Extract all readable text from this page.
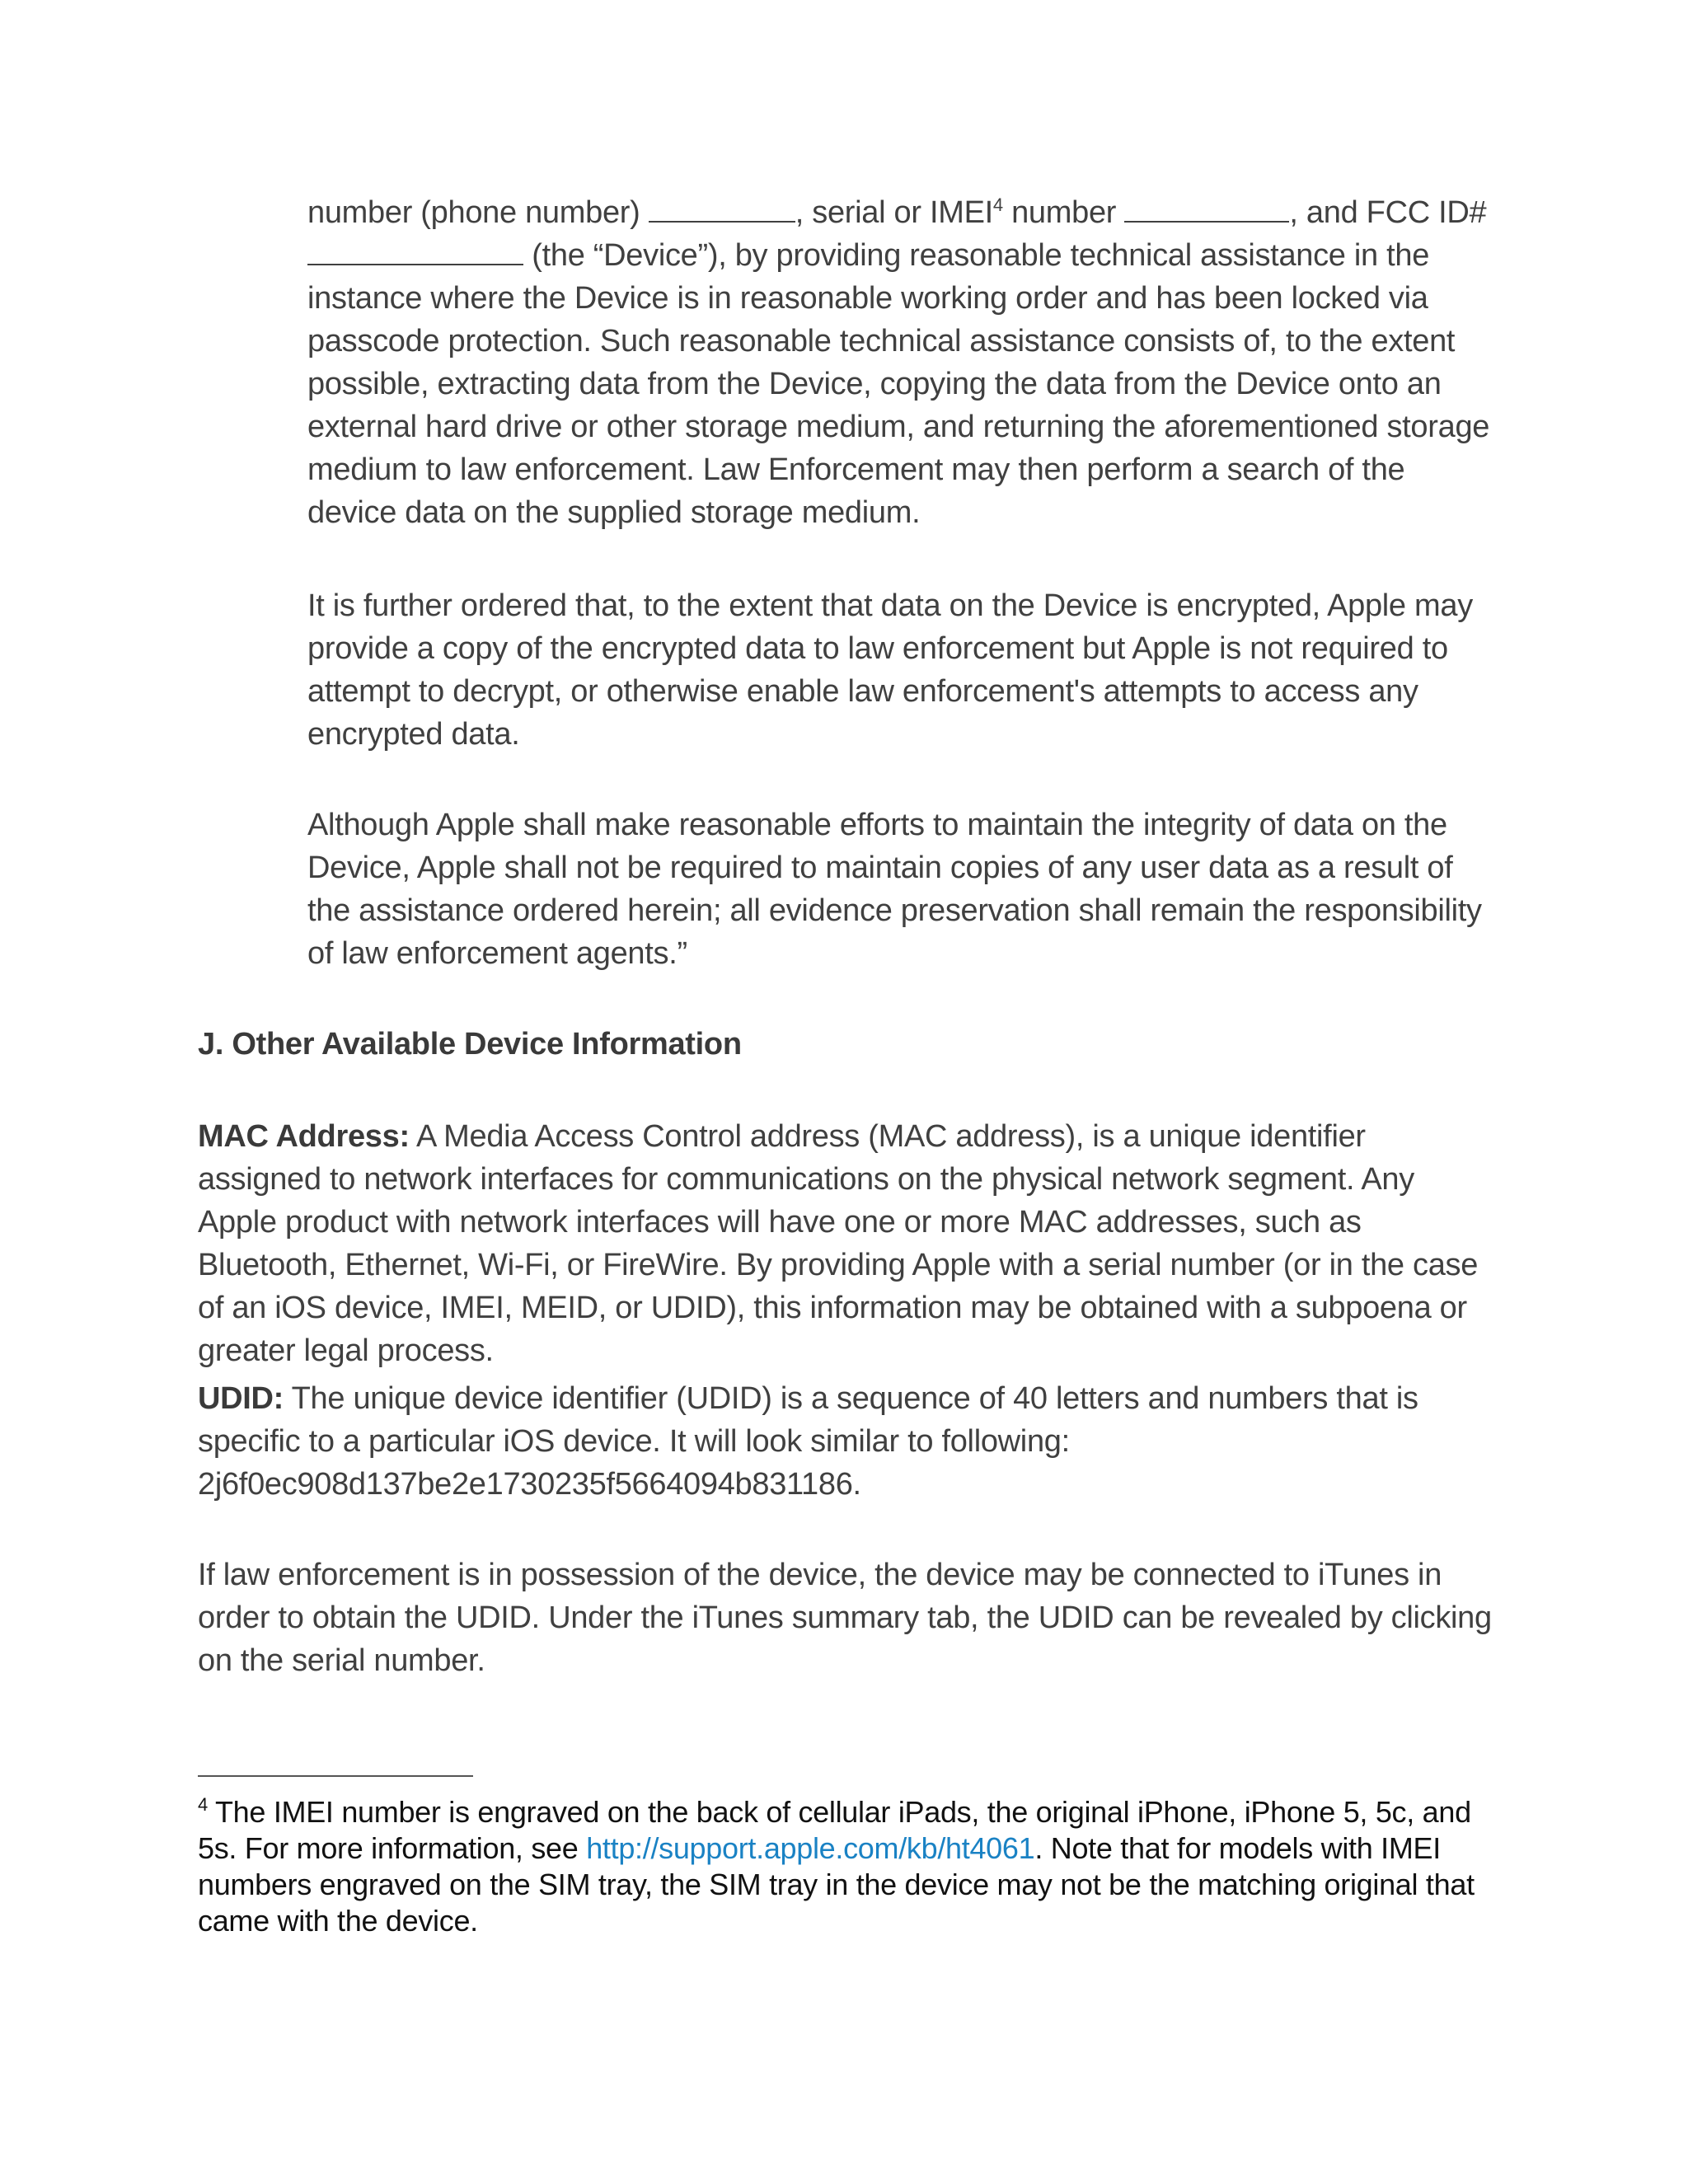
number (phone number)	, serial or IMEI$^4$ number	, and FCC ID# (the “Device”), by providing reasonable technical assistance in the instance where the Device is in reasonable working order and has been locked via passcode protection. Such reasonable technical assistance consists of, to the extent possible, extracting data from the Device, copying the data from the Device onto an external hard drive or other storage medium, and returning the aforementioned storage medium to law enforcement. Law Enforcement may then perform a search of the device data on the supplied storage medium.

It is further ordered that, to the extent that data on the Device is encrypted, Apple may provide a copy of the encrypted data to law enforcement but Apple is not required to attempt to decrypt, or otherwise enable law enforcement's attempts to access any encrypted data.

Although Apple shall make reasonable efforts to maintain the integrity of data on the Device, Apple shall not be required to maintain copies of any user data as a result of the assistance ordered herein; all evidence preservation shall remain the responsibility of law enforcement agents.”

J. Other Available Device Information

MAC Address: A Media Access Control address (MAC address), is a unique identifier assigned to network interfaces for communications on the physical network segment. Any Apple product with network interfaces will have one or more MAC addresses, such as Bluetooth, Ethernet, Wi-Fi, or FireWire. By providing Apple with a serial number (or in the case of an iOS device, IMEI, MEID, or UDID), this information may be obtained with a subpoena or greater legal process.

UDID: The unique device identifier (UDID) is a sequence of 40 letters and numbers that is specific to a particular iOS device. It will look similar to following:
2j6f0ec908d137be2e1730235f5664094b831186.

If law enforcement is in possession of the device, the device may be connected to iTunes in order to obtain the UDID. Under the iTunes summary tab, the UDID can be revealed by clicking on the serial number.

$^4$ The IMEI number is engraved on the back of cellular iPads, the original iPhone, iPhone 5, 5c, and 5s. For more information, see http://support.apple.com/kb/ht4061. Note that for models with IMEI numbers engraved on the SIM tray, the SIM tray in the device may not be the matching original that came with the device.
